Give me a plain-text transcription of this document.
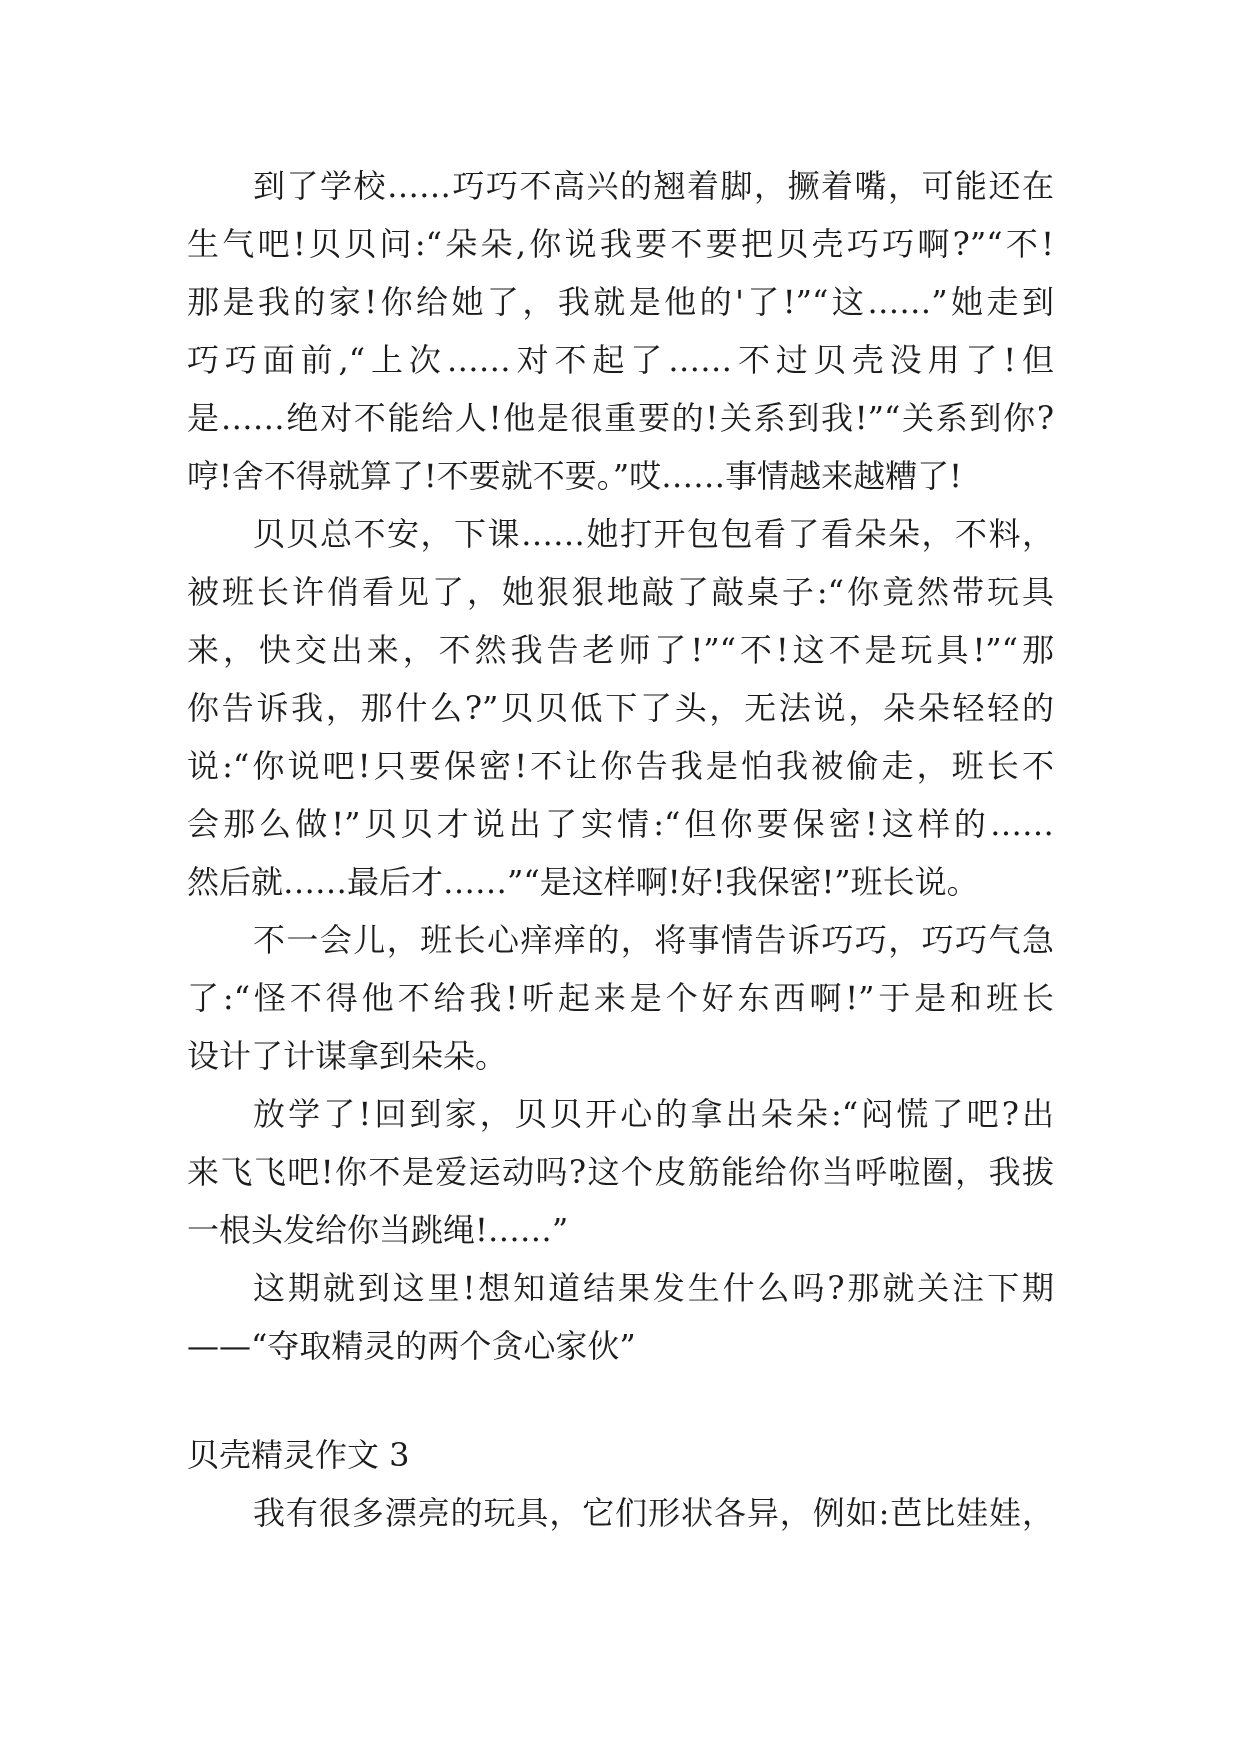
到了学校……巧巧不高兴的翘着脚，撅着嘴，可能还在
生气吧!贝贝问:“朵朵,你说我要不要把贝壳巧巧啊?”“不!
那是我的家!你给她了，我就是他的'了!”“这……”她走到
巧巧面前,“上次……对不起了……不过贝壳没用了!但
是……绝对不能给人!他是很重要的!关系到我!”“关系到你?
哼!舍不得就算了!不要就不要。”哎……事情越来越糟了!
贝贝总不安，下课……她打开包包看了看朵朵，不料，
被班长许俏看见了，她狠狠地敲了敲桌子:“你竟然带玩具
来，快交出来，不然我告老师了!”“不!这不是玩具!”“那
你告诉我，那什么?”贝贝低下了头，无法说，朵朵轻轻的
说:“你说吧!只要保密!不让你告我是怕我被偷走，班长不
会那么做!”贝贝才说出了实情:“但你要保密!这样的……
然后就……最后才……”“是这样啊!好!我保密!”班长说。
不一会儿，班长心痒痒的，将事情告诉巧巧，巧巧气急
了:“怪不得他不给我!听起来是个好东西啊!”于是和班长
设计了计谋拿到朵朵。
放学了!回到家，贝贝开心的拿出朵朵:“闷慌了吧?出
来飞飞吧!你不是爱运动吗?这个皮筋能给你当呼啦圈，我拔
一根头发给你当跳绳!……”
这期就到这里!想知道结果发生什么吗?那就关注下期
——“夺取精灵的两个贪心家伙”
贝壳精灵作文 3
我有很多漂亮的玩具，它们形状各异，例如:芭比娃娃，
